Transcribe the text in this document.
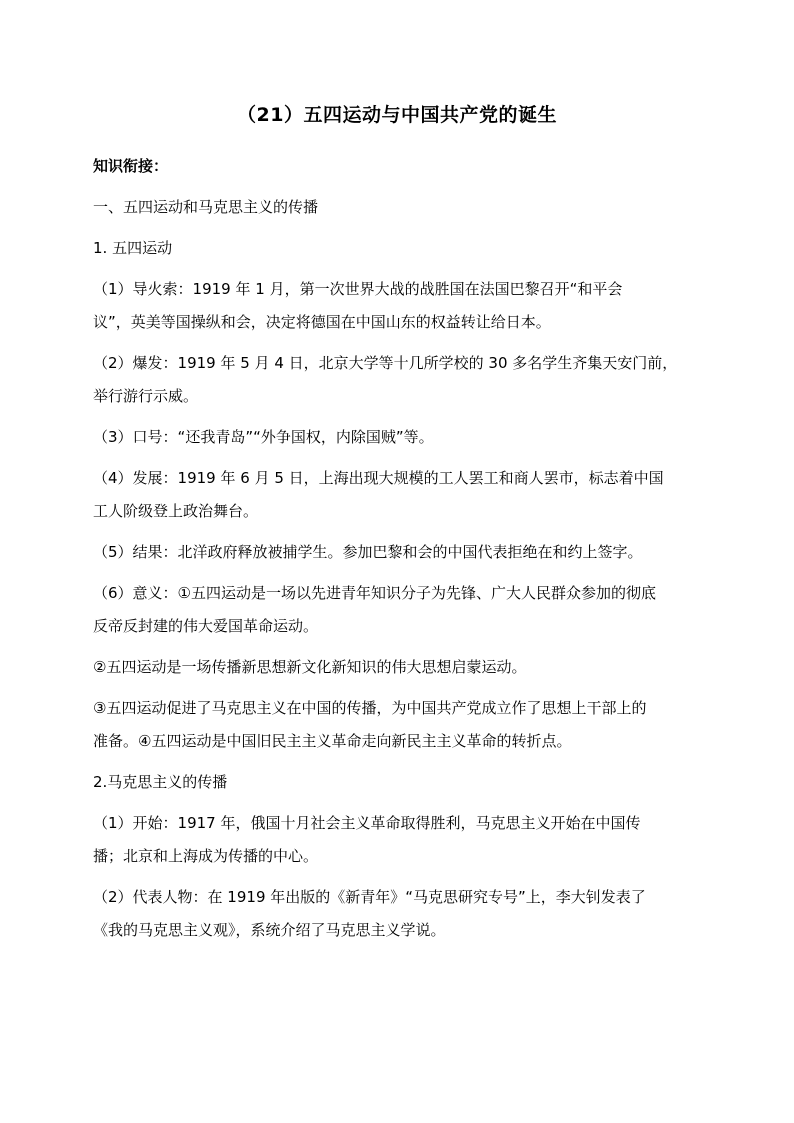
（21）五四运动与中国共产党的诞生
知识衔接：
一、五四运动和马克思主义的传播
1. 五四运动
（1）导火索：1919 年 1 月，第一次世界大战的战胜国在法国巴黎召开“和平会
议”，英美等国操纵和会，决定将德国在中国山东的权益转让给日本。
（2）爆发：1919 年 5 月 4 日，北京大学等十几所学校的 30 多名学生齐集天安门前，
举行游行示威。
（3）口号：“还我青岛”“外争国权，内除国贼”等。
（4）发展：1919 年 6 月 5 日，上海出现大规模的工人罢工和商人罢市，标志着中国
工人阶级登上政治舞台。
（5）结果：北洋政府释放被捕学生。参加巴黎和会的中国代表拒绝在和约上签字。
（6）意义：①五四运动是一场以先进青年知识分子为先锋、广大人民群众参加的彻底
反帝反封建的伟大爱国革命运动。
②五四运动是一场传播新思想新文化新知识的伟大思想启蒙运动。
③五四运动促进了马克思主义在中国的传播，为中国共产党成立作了思想上干部上的
准备。④五四运动是中国旧民主主义革命走向新民主主义革命的转折点。
2.马克思主义的传播
（1）开始：1917 年，俄国十月社会主义革命取得胜利，马克思主义开始在中国传
播；北京和上海成为传播的中心。
（2）代表人物：在 1919 年出版的《新青年》“马克思研究专号”上，李大钊发表了
《我的马克思主义观》，系统介绍了马克思主义学说。
